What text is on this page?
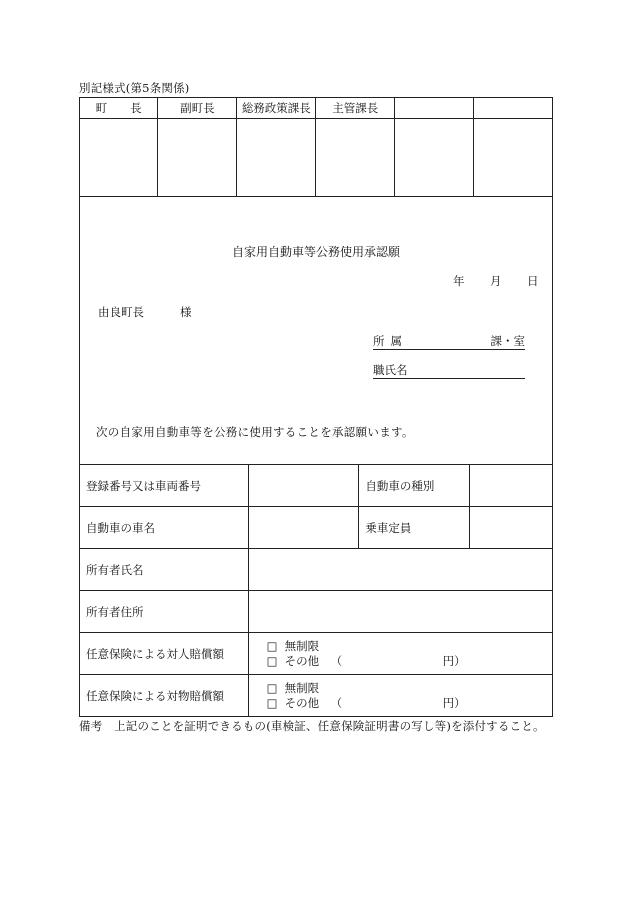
別記様式(第5条関係)
町　　長	副町長	総務政策課長	主管課長		

自家用自動車等公務使用承認願
年 月 日
由良町長	様
所属	課・室
職氏名
次の自家用自動車等を公務に使用することを承認願います。
登録番号又は車両番号		自動車の種別	
自動車の車名		乗車定員	
所有者氏名			
所有者住所			
任意保険による対人賠償額	□ 無制限
□ その他 （ 円）		

任意保険による対物賠償額	□ 無制限
□ その他 （ 円）		
備考　上記のことを証明できるもの(車検証、任意保険証明書の写し等)を添付すること。
